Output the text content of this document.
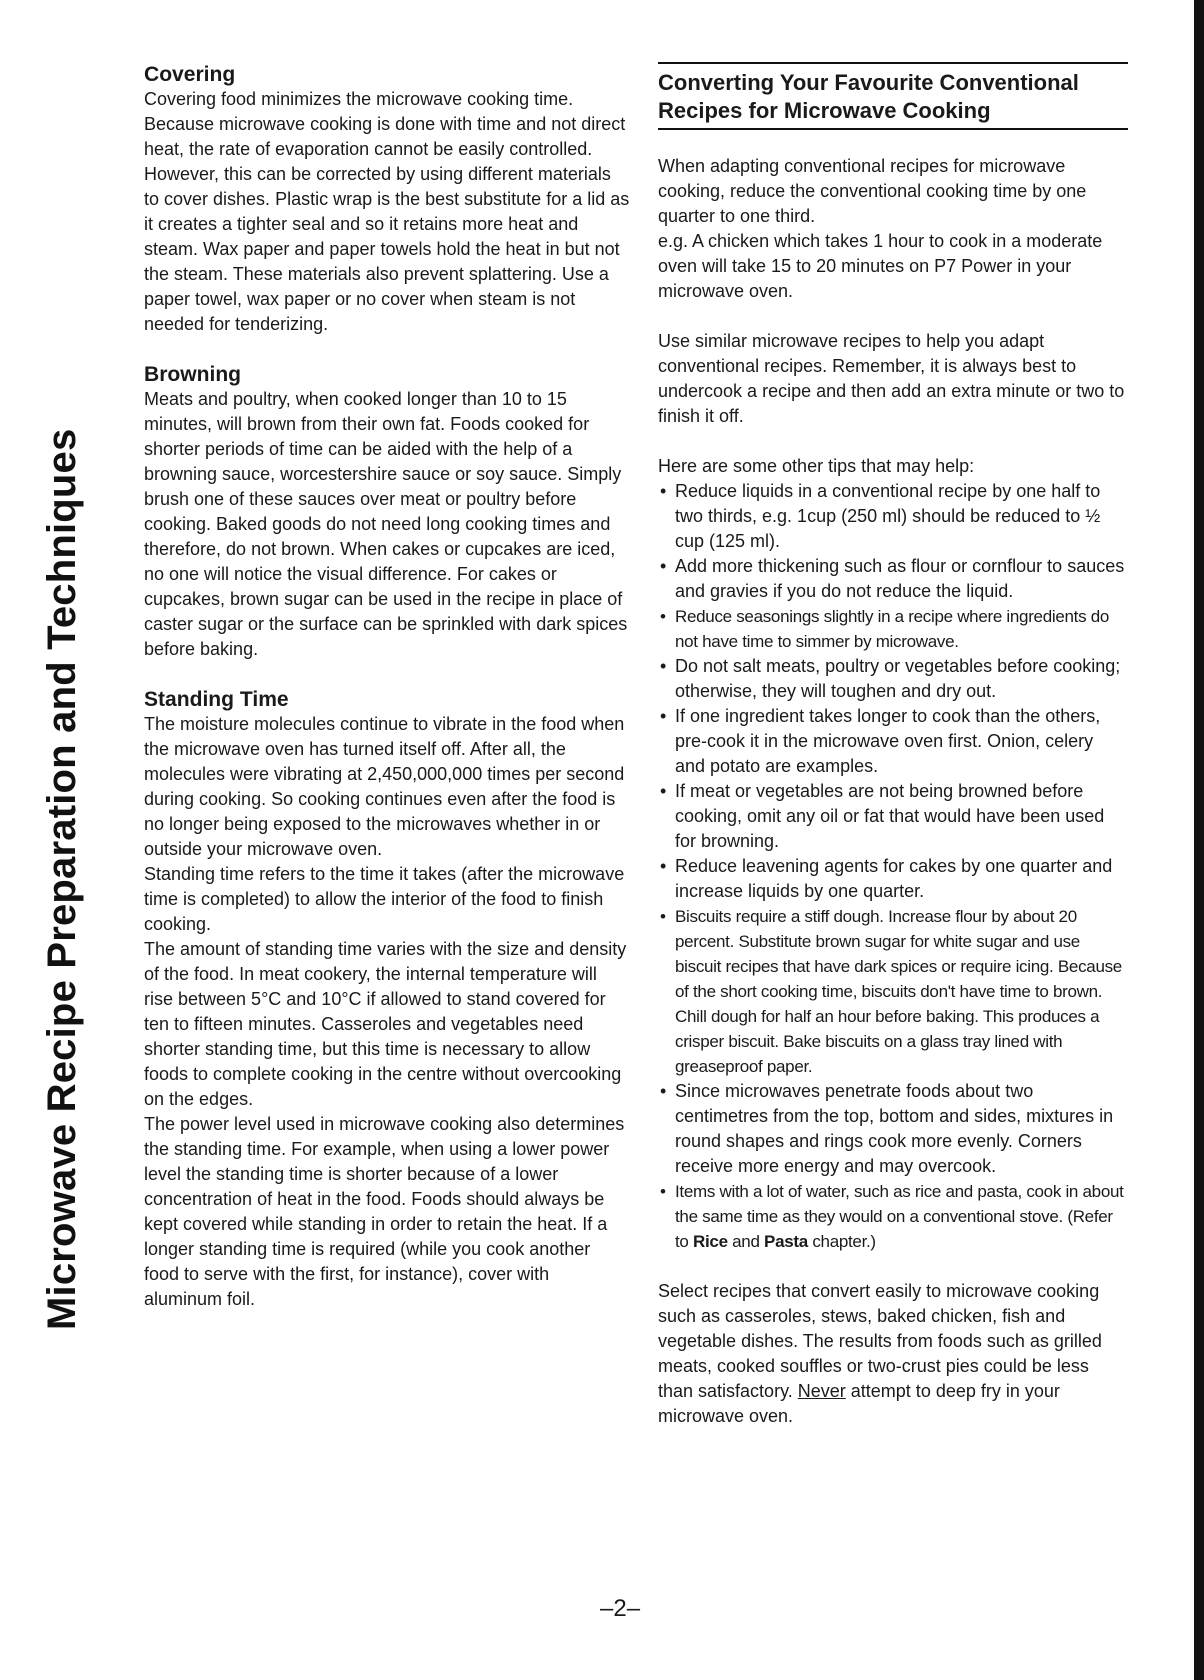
Microwave Recipe Preparation and Techniques
Covering

Covering food minimizes the microwave cooking time.

Because microwave cooking is done with time and not direct heat, the rate of evaporation cannot be easily controlled. However, this can be corrected by using different materials to cover dishes. Plastic wrap is the best substitute for a lid as it creates a tighter seal and so it retains more heat and steam. Wax paper and paper towels hold the heat in but not the steam. These materials also prevent splattering. Use a paper towel, wax paper or no cover when steam is not needed for tenderizing.

Browning

Meats and poultry, when cooked longer than 10 to 15 minutes, will brown from their own fat. Foods cooked for shorter periods of time can be aided with the help of a browning sauce, worcestershire sauce or soy sauce. Simply brush one of these sauces over meat or poultry before cooking. Baked goods do not need long cooking times and therefore, do not brown. When cakes or cupcakes are iced, no one will notice the visual difference. For cakes or cupcakes, brown sugar can be used in the recipe in place of caster sugar or the surface can be sprinkled with dark spices before baking.

Standing Time

The moisture molecules continue to vibrate in the food when the microwave oven has turned itself off. After all, the molecules were vibrating at 2,450,000,000 times per second during cooking. So cooking continues even after the food is no longer being exposed to the microwaves whether in or outside your microwave oven.

Standing time refers to the time it takes (after the microwave time is completed) to allow the interior of the food to finish cooking.

The amount of standing time varies with the size and density of the food. In meat cookery, the internal temperature will rise between 5°C and 10°C if allowed to stand covered for ten to fifteen minutes. Casseroles and vegetables need shorter standing time, but this time is necessary to allow foods to complete cooking in the centre without overcooking on the edges.

The power level used in microwave cooking also determines the standing time. For example, when using a lower power level the standing time is shorter because of a lower concentration of heat in the food. Foods should always be kept covered while standing in order to retain the heat. If a longer standing time is required (while you cook another food to serve with the first, for instance), cover with aluminum foil.

Converting Your Favourite Conventional
Recipes for Microwave Cooking

When adapting conventional recipes for microwave cooking, reduce the conventional cooking time by one quarter to one third.

e.g. A chicken which takes 1 hour to cook in a moderate oven will take 15 to 20 minutes on P7 Power in your microwave oven.

Use similar microwave recipes to help you adapt conventional recipes. Remember, it is always best to undercook a recipe and then add an extra minute or two to finish it off.

Here are some other tips that may help:

• Reduce liquids in a conventional recipe by one half to two thirds, e.g. 1cup (250 ml) should be reduced to ½ cup (125 ml).
• Add more thickening such as flour or cornflour to sauces and gravies if you do not reduce the liquid.
• Reduce seasonings slightly in a recipe where ingredients do not have time to simmer by microwave.
• Do not salt meats, poultry or vegetables before cooking; otherwise, they will toughen and dry out.
• If one ingredient takes longer to cook than the others, pre-cook it in the microwave oven first. Onion, celery and potato are examples.
• If meat or vegetables are not being browned before cooking, omit any oil or fat that would have been used for browning.
• Reduce leavening agents for cakes by one quarter and increase liquids by one quarter.
• Biscuits require a stiff dough. Increase flour by about 20 percent. Substitute brown sugar for white sugar and use biscuit recipes that have dark spices or require icing. Because of the short cooking time, biscuits don't have time to brown. Chill dough for half an hour before baking. This produces a crisper biscuit. Bake biscuits on a glass tray lined with greaseproof paper.
• Since microwaves penetrate foods about two centimetres from the top, bottom and sides, mixtures in round shapes and rings cook more evenly. Corners receive more energy and may overcook.
• Items with a lot of water, such as rice and pasta, cook in about the same time as they would on a conventional stove. (Refer to Rice and Pasta chapter.)

Select recipes that convert easily to microwave cooking such as casseroles, stews, baked chicken, fish and vegetable dishes. The results from foods such as grilled meats, cooked souffles or two-crust pies could be less than satisfactory. Never attempt to deep fry in your microwave oven.

–2–
